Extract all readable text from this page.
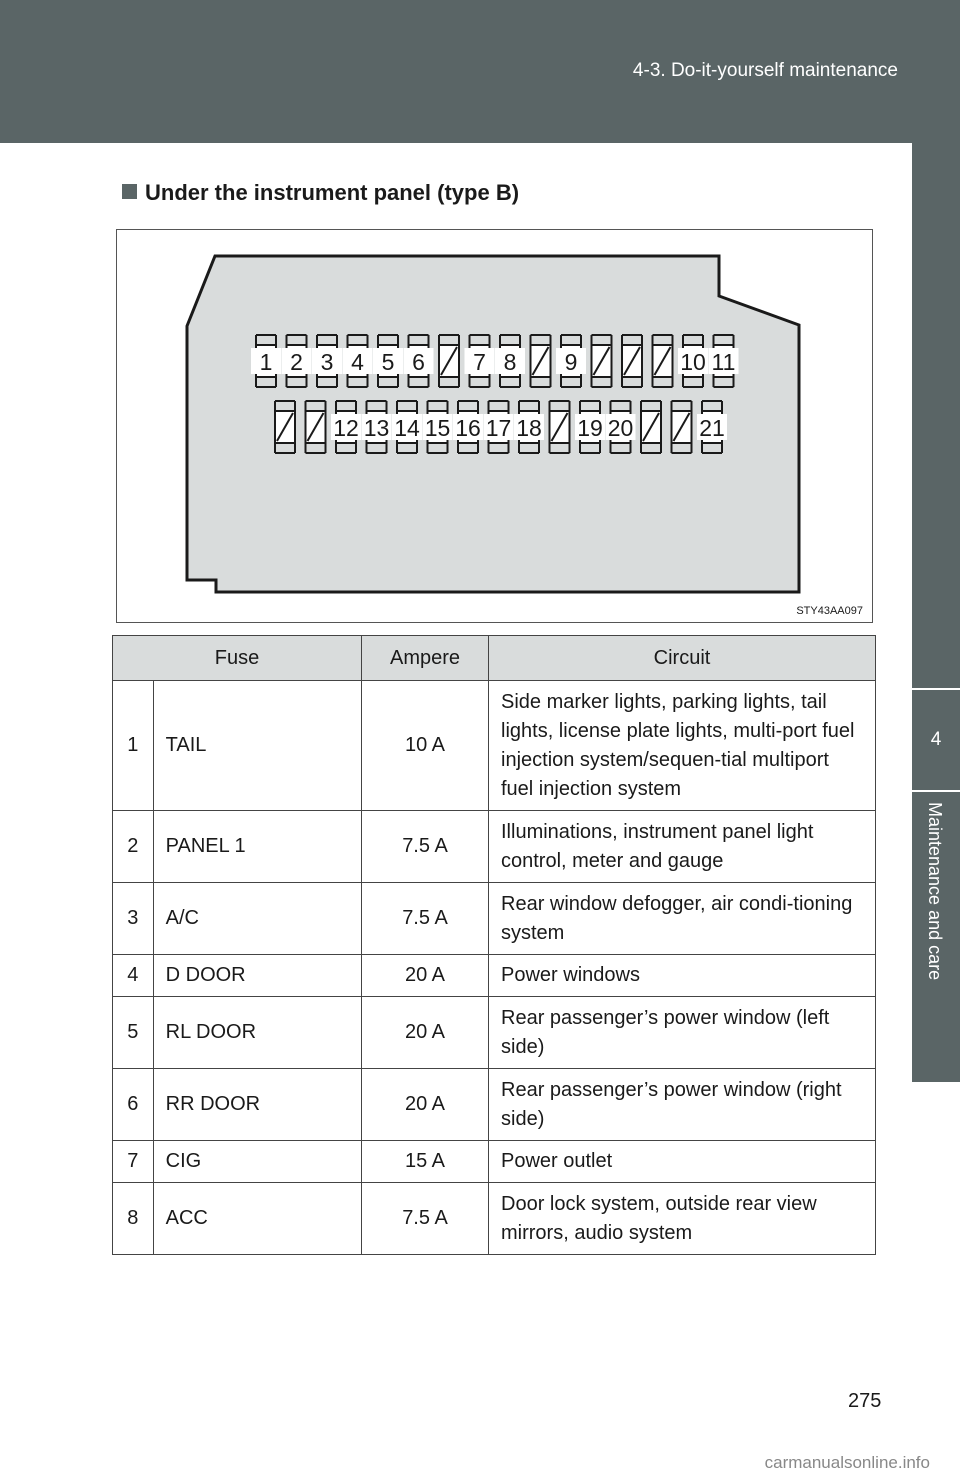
4-3. Do-it-yourself maintenance
4
Maintenance and care
Under the instrument panel (type B)
1 2 3 4 5 6 7 8 9	10 11
12 13 14 15 16 17 18 19 20	21
STY43AA097
Fuse		Ampere	Circuit
1	TAIL	10 A	Side marker lights, parking lights, tail lights, license plate lights, multi-port fuel injection system/sequen-tial multiport fuel injection system
2	PANEL 1	7.5 A	Illuminations, instrument panel light control, meter and gauge
3	A/C	7.5 A	Rear window defogger, air condi-tioning system
4	D DOOR	20 A	Power windows
5	RL DOOR	20 A	Rear passenger’s power window (left side)
6	RR DOOR	20 A	Rear passenger’s power window (right side)
7	CIG	15 A	Power outlet
8	ACC	7.5 A	Door lock system, outside rear view mirrors, audio system
275
carmanualsonline.info
